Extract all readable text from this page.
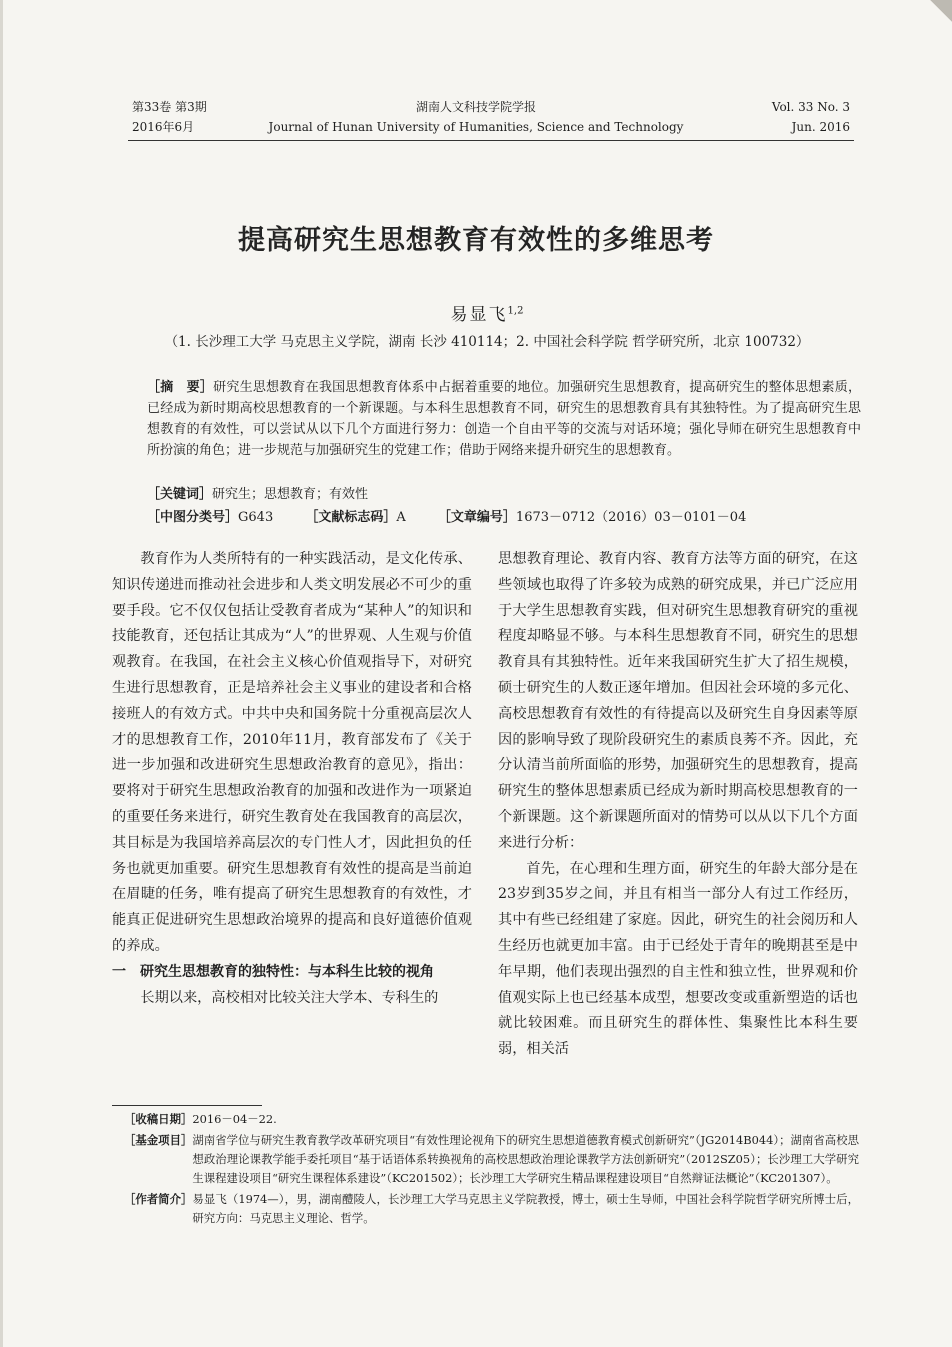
第33卷 第3期
2016年6月
湖南人文科技学院学报
Journal of Hunan University of Humanities, Science and Technology
Vol. 33 No. 3
Jun. 2016
提高研究生思想教育有效性的多维思考
易显飞$^{1,2}$
（1. 长沙理工大学 马克思主义学院，湖南 长沙 410114；2. 中国社会科学院 哲学研究所，北京 100732）
［摘　要］研究生思想教育在我国思想教育体系中占据着重要的地位。加强研究生思想教育，提高研究生的整体思想素质，已经成为新时期高校思想教育的一个新课题。与本科生思想教育不同，研究生的思想教育具有其独特性。为了提高研究生思想教育的有效性，可以尝试从以下几个方面进行努力：创造一个自由平等的交流与对话环境；强化导师在研究生思想教育中所扮演的角色；进一步规范与加强研究生的党建工作；借助于网络来提升研究生的思想教育。
［关键词］研究生；思想教育；有效性
［中图分类号］G643 ［文献标志码］A ［文章编号］1673－0712（2016）03－0101－04

教育作为人类所特有的一种实践活动，是文化传承、知识传递进而推动社会进步和人类文明发展必不可少的重要手段。它不仅仅包括让受教育者成为“某种人”的知识和技能教育，还包括让其成为“人”的世界观、人生观与价值观教育。在我国，在社会主义核心价值观指导下，对研究生进行思想教育，正是培养社会主义事业的建设者和合格接班人的有效方式。中共中央和国务院十分重视高层次人才的思想教育工作，2010年11月，教育部发布了《关于进一步加强和改进研究生思想政治教育的意见》，指出：要将对于研究生思想政治教育的加强和改进作为一项紧迫的重要任务来进行，研究生教育处在我国教育的高层次，其目标是为我国培养高层次的专门性人才，因此担负的任务也就更加重要。研究生思想教育有效性的提高是当前迫在眉睫的任务，唯有提高了研究生思想教育的有效性，才能真正促进研究生思想政治境界的提高和良好道德价值观的养成。

一　研究生思想教育的独特性：与本科生比较的视角

长期以来，高校相对比较关注大学本、专科生的

思想教育理论、教育内容、教育方法等方面的研究，在这些领域也取得了许多较为成熟的研究成果，并已广泛应用于大学生思想教育实践，但对研究生思想教育研究的重视程度却略显不够。与本科生思想教育不同，研究生的思想教育具有其独特性。近年来我国研究生扩大了招生规模，硕士研究生的人数正逐年增加。但因社会环境的多元化、高校思想教育有效性的有待提高以及研究生自身因素等原因的影响导致了现阶段研究生的素质良莠不齐。因此，充分认清当前所面临的形势，加强研究生的思想教育，提高研究生的整体思想素质已经成为新时期高校思想教育的一个新课题。这个新课题所面对的情势可以从以下几个方面来进行分析：

首先，在心理和生理方面，研究生的年龄大部分是在23岁到35岁之间，并且有相当一部分人有过工作经历，其中有些已经组建了家庭。因此，研究生的社会阅历和人生经历也就更加丰富。由于已经处于青年的晚期甚至是中年早期，他们表现出强烈的自主性和独立性，世界观和价值观实际上也已经基本成型，想要改变或重新塑造的话也就比较困难。而且研究生的群体性、集聚性比本科生要弱，相关活

［收稿日期］ 2016－04－22.
［基金项目］ 湖南省学位与研究生教育教学改革研究项目“有效性理论视角下的研究生思想道德教育模式创新研究”（JG2014B044）；湖南省高校思想政治理论课教学能手委托项目“基于话语体系转换视角的高校思想政治理论课教学方法创新研究”（2012SZ05）；长沙理工大学研究生课程建设项目“研究生课程体系建设”（KC201502）；长沙理工大学研究生精品课程建设项目“自然辩证法概论”（KC201307）。
［作者简介］ 易显飞（1974—），男，湖南醴陵人，长沙理工大学马克思主义学院教授，博士，硕士生导师，中国社会科学院哲学研究所博士后，研究方向：马克思主义理论、哲学。
